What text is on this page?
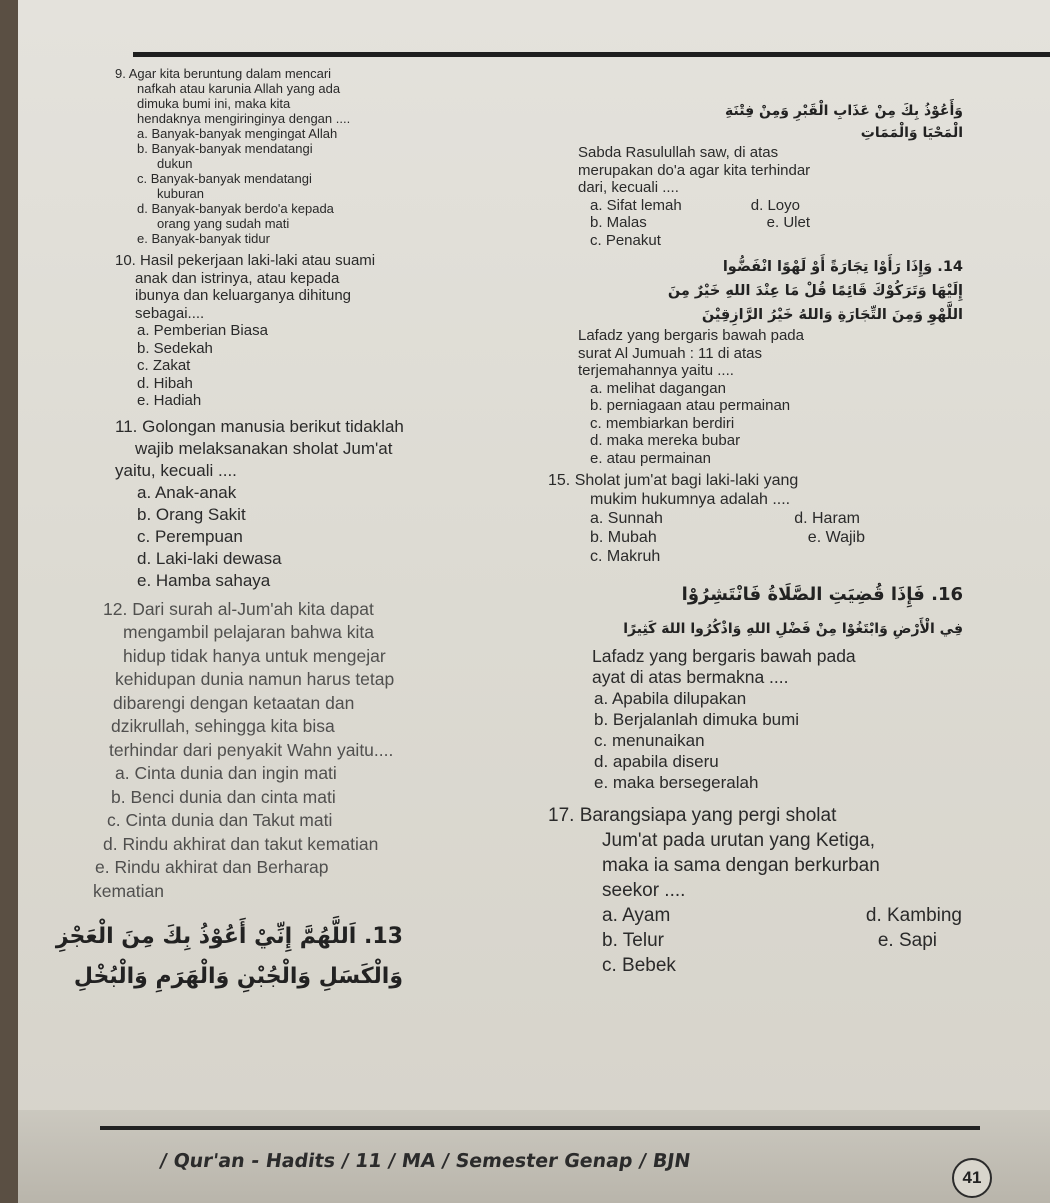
9. Agar kita beruntung dalam mencari
nafkah atau karunia Allah yang ada
dimuka bumi ini, maka kita
hendaknya mengiringinya dengan ....
a. Banyak-banyak mengingat Allah
b. Banyak-banyak mendatangi
dukun
c. Banyak-banyak mendatangi
kuburan
d. Banyak-banyak berdo'a kepada
orang yang sudah mati
e. Banyak-banyak tidur
10. Hasil pekerjaan laki-laki atau suami
anak dan istrinya, atau kepada
ibunya dan keluarganya dihitung
sebagai....
a. Pemberian Biasa
b. Sedekah
c. Zakat
d. Hibah
e. Hadiah
11. Golongan manusia berikut tidaklah
wajib melaksanakan sholat Jum'at
yaitu, kecuali ....
a. Anak-anak
b. Orang Sakit
c. Perempuan
d. Laki-laki dewasa
e. Hamba sahaya
12. Dari surah al-Jum'ah kita dapat
mengambil pelajaran bahwa kita
hidup tidak hanya untuk mengejar
kehidupan dunia namun harus tetap
dibarengi dengan ketaatan dan
dzikrullah, sehingga kita bisa
terhindar dari penyakit Wahn yaitu....
a. Cinta dunia dan ingin mati
b. Benci dunia dan cinta mati
c. Cinta dunia dan Takut mati
d. Rindu akhirat dan takut kematian
e. Rindu akhirat dan Berharap
kematian
13. اَللَّهُمَّ إِنِّيْ أَعُوْذُ بِكَ مِنَ الْعَجْزِ
وَالْكَسَلِ وَالْجُبْنِ وَالْهَرَمِ وَالْبُخْلِ
وَأَعُوْذُ بِكَ مِنْ عَذَابِ الْقَبْرِ وَمِنْ فِتْنَةِ
الْمَحْيَا وَالْمَمَاتِ
Sabda Rasulullah saw, di atas
merupakan do'a agar kita terhindar
dari, kecuali ....
a. Sifat lemah	d. Loyo
b. Malas	e. Ulet
c. Penakut
14. وَإِذَا رَأَوْا تِجَارَةً أَوْ لَهْوًا انْفَضُّوا
إِلَيْهَا وَتَرَكُوْكَ قَائِمًا قُلْ مَا عِنْدَ اللهِ خَيْرٌ مِنَ
اللَّهْوِ وَمِنَ التِّجَارَةِ وَاللهُ خَيْرُ الرَّازِقِيْنَ
Lafadz yang bergaris bawah pada
surat Al Jumuah : 11 di atas
terjemahannya yaitu ....
a. melihat dagangan
b. perniagaan atau permainan
c. membiarkan berdiri
d. maka mereka bubar
e. atau permainan
15. Sholat jum'at bagi laki-laki yang
mukim hukumnya adalah ....
a. Sunnah	d. Haram
b. Mubah	e. Wajib
c. Makruh
16. فَإِذَا قُضِيَتِ الصَّلَاةُ فَانْتَشِرُوْا
فِي الْأَرْضِ وَابْتَغُوْا مِنْ فَضْلِ اللهِ وَاذْكُرُوا اللهَ كَثِيرًا
Lafadz yang bergaris bawah pada
ayat di atas bermakna ....
a. Apabila dilupakan
b. Berjalanlah dimuka bumi
c. menunaikan
d. apabila diseru
e. maka bersegeralah
17. Barangsiapa yang pergi sholat
Jum'at pada urutan yang Ketiga,
maka ia sama dengan berkurban
seekor ....
a. Ayam	d. Kambing
b. Telur	e. Sapi
c. Bebek
/ Qur'an - Hadits / 11 / MA / Semester Genap / BJN
41
